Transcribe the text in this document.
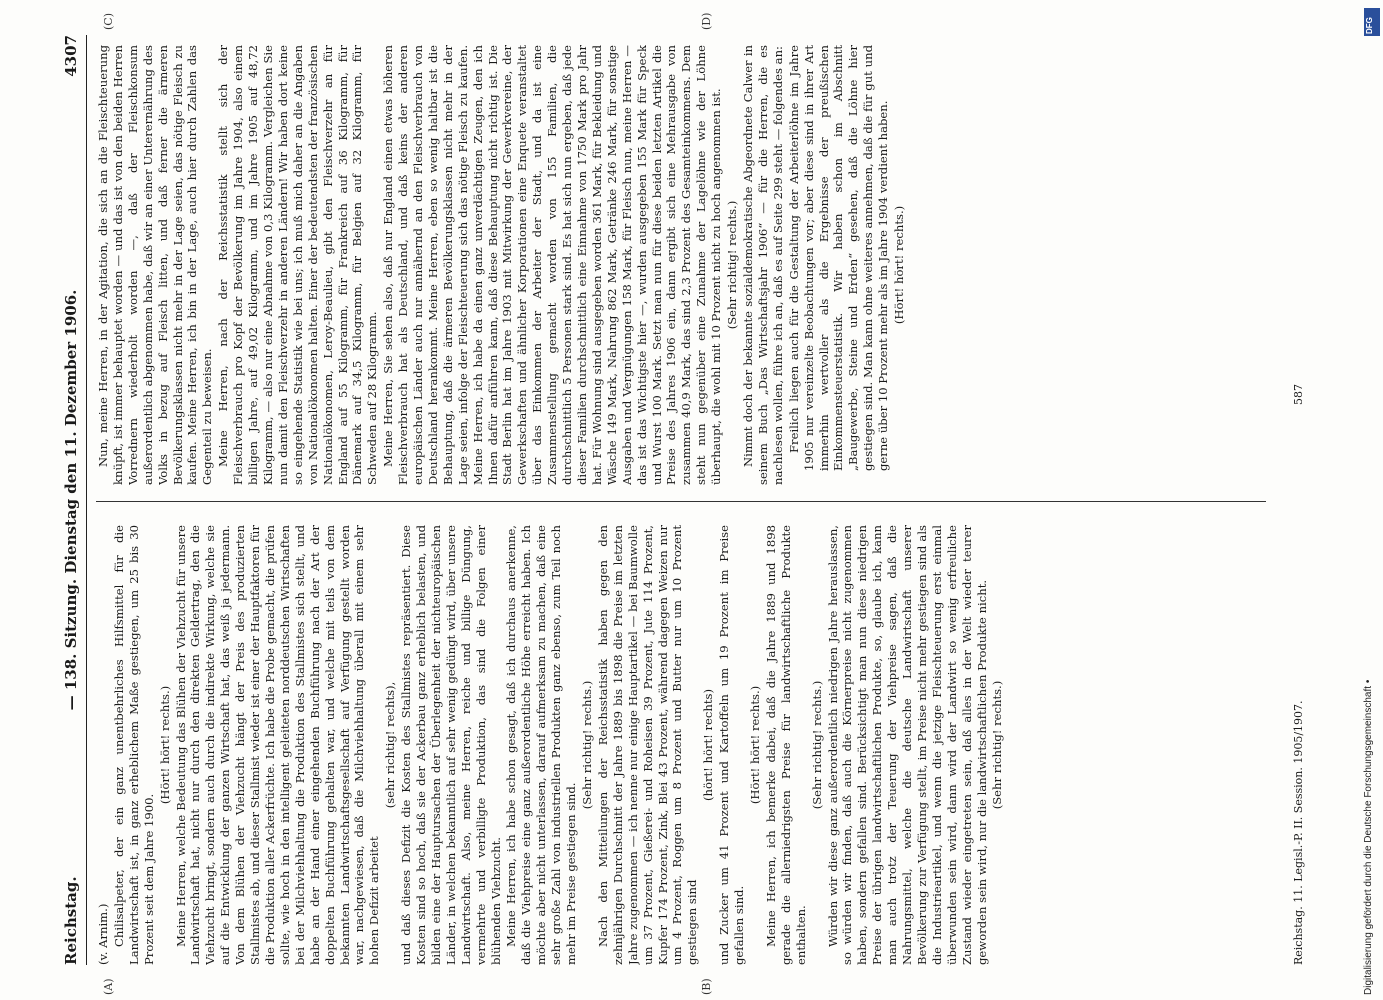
Reichstag.
— 138. Sitzung. Dienstag den 11. Dezember 1906.
4307
(A)	(B)
(C)	(D)

(v. Arnim.) Chilisalpeter, der ein ganz unentbehrliches Hilfsmittel für die Landwirtschaft ist, in ganz erheblichem Maße gestiegen, um 25 bis 30 Prozent seit dem Jahre 1900.

(Hört! hört! rechts.) Meine Herren, welche Bedeutung das Blühen der Viehzucht für unsere Landwirtschaft hat, nicht nur durch den direkten Geldertrag, den die Viehzucht bringt, sondern auch durch die indirekte Wirkung, welche sie auf die Entwicklung der ganzen Wirtschaft hat, das weiß ja jedermann. Von dem Blühen der Viehzucht hängt der Preis des produzierten Stallmistes ab, und dieser Stallmist wieder ist einer der Hauptfaktoren für die Produktion aller Ackerfrüchte. Ich habe die Probe gemacht, die prüfen sollte, wie hoch in den intelligent geleiteten norddeutschen Wirtschaften bei der Milchviehhaltung die Produktion des Stallmistes sich stellt, und habe an der Hand einer eingehenden Buchführung nach der Art der doppelten Buchführung gehalten war, und welche mit teils von dem bekannten Landwirtschaftsgesellschaft auf Verfügung gestellt worden war, nachgewiesen, daß die Milchviehhaltung überall mit einem sehr hohen Defizit arbeitet

(sehr richtig! rechts), und daß dieses Defizit die Kosten des Stallmistes repräsentiert. Diese Kosten sind so hoch, daß sie der Ackerbau ganz erheblich belasten, und bilden eine der Hauptursachen der Überlegenheit der nichteuropäischen Länder, in welchen bekanntlich auf sehr wenig gedüngt wird, über unsere Landwirtschaft. Also, meine Herren, reiche und billige Düngung, vermehrte und verbilligte Produktion, das sind die Folgen einer blühenden Viehzucht. Meine Herren, ich habe schon gesagt, daß ich durchaus anerkenne, daß die Viehpreise eine ganz außerordentliche Höhe erreicht haben. Ich möchte aber nicht unterlassen, darauf aufmerksam zu machen, daß eine sehr große Zahl von industriellen Produkten ganz ebenso, zum Teil noch mehr im Preise gestiegen sind.

(Sehr richtig! rechts.) Nach den Mitteilungen der Reichsstatistik haben gegen den zehnjährigen Durchschnitt der Jahre 1889 bis 1898 die Preise im letzten Jahre zugenommen — ich nenne nur einige Hauptartikel — bei Baumwolle um 37 Prozent, Gießerei- und Roheisen 39 Prozent, Jute 114 Prozent, Kupfer 174 Prozent, Zink, Blei 43 Prozent, während dagegen Weizen nur um 4 Prozent, Roggen um 8 Prozent und Butter nur um 10 Prozent gestiegen sind

(hört! hört! rechts) und Zucker um 41 Prozent und Kartoffeln um 19 Prozent im Preise gefallen sind.

(Hört! hört! rechts.) Meine Herren, ich bemerke dabei, daß die Jahre 1889 und 1898 gerade die allerniedrigsten Preise für landwirtschaftliche Produkte enthalten.

(Sehr richtig! rechts.) Würden wir diese ganz außerordentlich niedrigen Jahre herauslassen, so würden wir finden, daß auch die Körnerpreise nicht zugenommen haben, sondern gefallen sind. Berücksichtigt man nun diese niedrigen Preise der übrigen landwirtschaftlichen Produkte, so, glaube ich, kann man auch trotz der Teuerung der Viehpreise sagen, daß die Nahrungsmittel, welche die deutsche Landwirtschaft unserer Bevölkerung zur Verfügung stellt, im Preise nicht mehr gestiegen sind als die Industrieartikel, und wenn die jetzige Fleischteuerung erst einmal überwunden sein wird, dann wird der Landwirt so wenig erfreuliche Zustand wieder eingetreten sein, daß alles in der Welt wieder teurer geworden sein wird, nur die landwirtschaftlichen Produkte nicht. (Sehr richtig! rechts.)

Nun, meine Herren, in der Agitation, die sich an die Fleischteuerung knüpft, ist immer behauptet worden — und das ist von den beiden Herren Vorrednern wiederholt worden —, daß der Fleischkonsum außerordentlich abgenommen habe, daß wir an einer Unterernährung des Volks in bezug auf Fleisch litten, und daß ferner die ärmeren Bevölkerungsklassen nicht mehr in der Lage seien, das nötige Fleisch zu kaufen. Meine Herren, ich bin in der Lage, auch hier durch Zahlen das Gegenteil zu beweisen. Meine Herren, nach der Reichsstatistik stellt sich der Fleischverbrauch pro Kopf der Bevölkerung im Jahre 1904, also einem billigen Jahre, auf 49,02 Kilogramm, und im Jahre 1905 auf 48,72 Kilogramm, — also nur eine Abnahme von 0,3 Kilogramm. Vergleichen Sie nun damit den Fleischverzehr in anderen Ländern! Wir haben dort keine so eingehende Statistik wie bei uns; ich muß mich daher an die Angaben von Nationalökonomen halten. Einer der bedeutendsten der französischen Nationalökonomen, Leroy-Beaulieu, gibt den Fleischverzehr an für England auf 55 Kilogramm, für Frankreich auf 36 Kilogramm, für Dänemark auf 34,5 Kilogramm, für Belgien auf 32 Kilogramm, für Schweden auf 28 Kilogramm. Meine Herren, Sie sehen also, daß nur England einen etwas höheren Fleischverbrauch hat als Deutschland, und daß keins der anderen europäischen Länder auch nur annähernd an den Fleischverbrauch von Deutschland herankommt. Meine Herren, eben so wenig haltbar ist die Behauptung, daß die ärmeren Bevölkerungsklassen nicht mehr in der Lage seien, infolge der Fleischteuerung sich das nötige Fleisch zu kaufen. Meine Herren, ich habe da einen ganz unverdächtigen Zeugen, den ich Ihnen dafür anführen kann, daß diese Behauptung nicht richtig ist. Die Stadt Berlin hat im Jahre 1903 mit Mitwirkung der Gewerkvereine, der Gewerkschaften und ähnlicher Korporationen eine Enquete veranstaltet über das Einkommen der Arbeiter der Stadt, und da ist eine Zusammenstellung gemacht worden von 155 Familien, die durchschnittlich 5 Personen stark sind. Es hat sich nun ergeben, daß jede dieser Familien durchschnittlich eine Einnahme von 1750 Mark pro Jahr hat. Für Wohnung sind ausgegeben worden 361 Mark, für Bekleidung und Wäsche 149 Mark, Nahrung 862 Mark, Getränke 246 Mark, für sonstige Ausgaben und Vergnügungen 158 Mark, für Fleisch nun, meine Herren — das ist das Wichtigste hier —, wurden ausgegeben 155 Mark für Speck und Wurst 100 Mark. Setzt man nun für diese beiden letzten Artikel die Preise des Jahres 1906 ein, dann ergibt sich eine Mehrausgabe von zusammen 40,9 Mark, das sind 2,3 Prozent des Gesamteinkommens. Dem steht nun gegenüber eine Zunahme der Lagelöhne wie der Löhne überhaupt, die wohl mit 10 Prozent nicht zu hoch angenommen ist. (Sehr richtig! rechts.) Nimmt doch der bekannte sozialdemokratische Abgeordnete Calwer in seinem Buch „Das Wirtschaftsjahr 1906“ — für die Herren, die es nachlesen wollen, führe ich an, daß es auf Seite 299 steht — folgendes an: Freilich liegen auch für die Gestaltung der Arbeiterlöhne im Jahre 1905 nur vereinzelte Beobachtungen vor; aber diese sind in ihrer Art immerhin wertvoller als die Ergebnisse der preußischen Einkommensteuerstatistik. Wir haben schon im Abschnitt „Baugewerbe, Steine und Erden“ gesehen, daß die Löhne hier gestiegen sind. Man kann ohne weiteres annehmen, daß die für gut und gerne über 10 Prozent mehr als im Jahre 1904 verdient haben. (Hört! hört! rechts.)

Reichstag. 11. Legisl.-P. II. Session. 1905/1907.
587
Digitalisierung gefördert durch die Deutsche Forschungsgemeinschaft •
DFG
